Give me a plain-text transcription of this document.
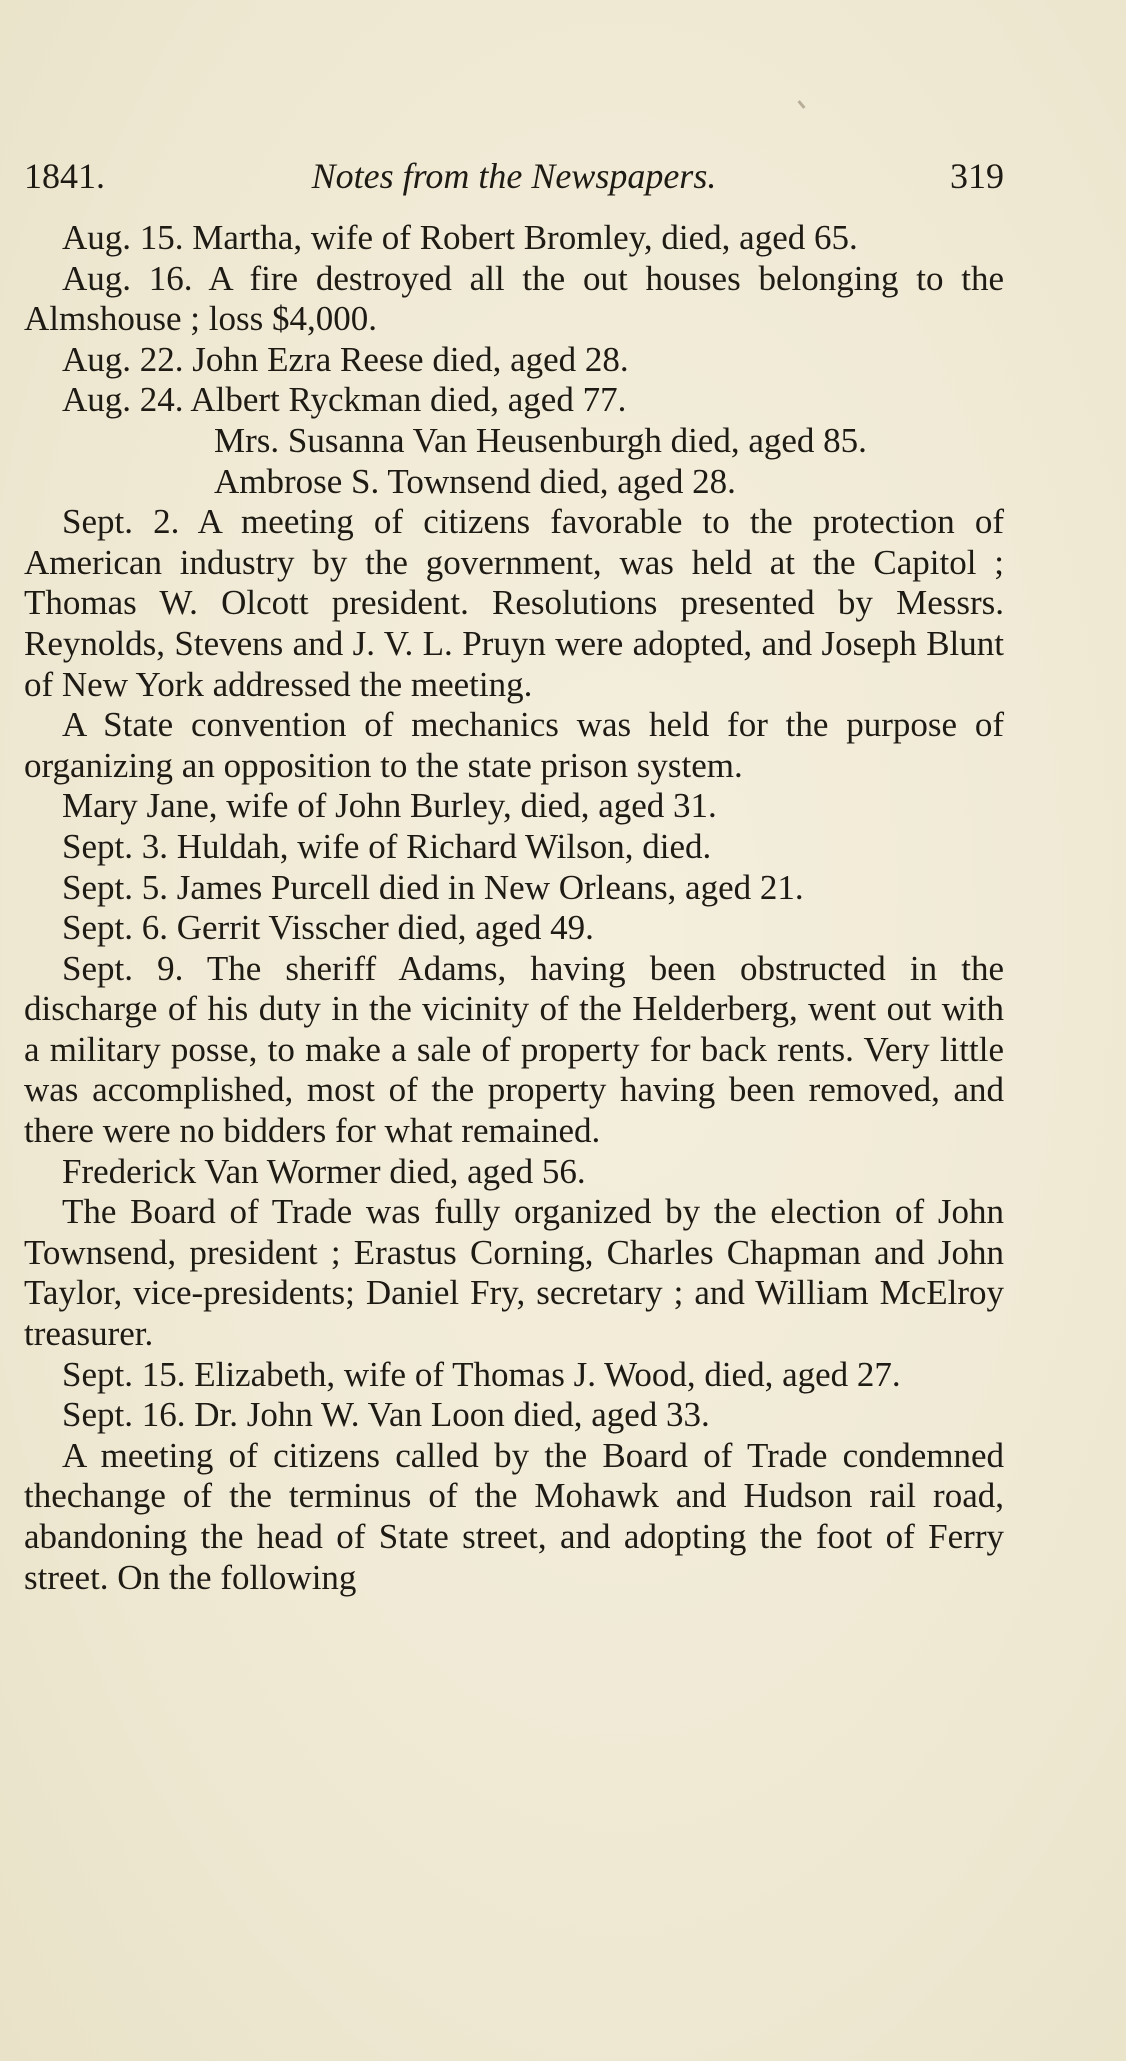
1841.	Notes from the Newspapers.	319

Aug. 15. Martha, wife of Robert Bromley, died, aged 65.

Aug. 16. A fire destroyed all the out houses belonging to the Almshouse ; loss $4,000.

Aug. 22. John Ezra Reese died, aged 28.

Aug. 24. Albert Ryckman died, aged 77.

Mrs. Susanna Van Heusenburgh died, aged 85.

Ambrose S. Townsend died, aged 28.

Sept. 2. A meeting of citizens favorable to the protection of American industry by the government, was held at the Capitol ; Thomas W. Olcott president. Resolutions presented by Messrs. Reynolds, Stevens and J. V. L. Pruyn were adopted, and Joseph Blunt of New York addressed the meeting.

A State convention of mechanics was held for the purpose of organizing an opposition to the state prison system.

Mary Jane, wife of John Burley, died, aged 31.

Sept. 3. Huldah, wife of Richard Wilson, died.

Sept. 5. James Purcell died in New Orleans, aged 21.

Sept. 6. Gerrit Visscher died, aged 49.

Sept. 9. The sheriff Adams, having been obstructed in the discharge of his duty in the vicinity of the Helderberg, went out with a military posse, to make a sale of property for back rents. Very little was accomplished, most of the property having been removed, and there were no bidders for what remained.

Frederick Van Wormer died, aged 56.

The Board of Trade was fully organized by the election of John Townsend, president ; Erastus Corning, Charles Chapman and John Taylor, vice-presidents; Daniel Fry, secretary ; and William McElroy treasurer.

Sept. 15. Elizabeth, wife of Thomas J. Wood, died, aged 27.

Sept. 16. Dr. John W. Van Loon died, aged 33.

A meeting of citizens called by the Board of Trade condemned thechange of the terminus of the Mohawk and Hudson rail road, abandoning the head of State street, and adopting the foot of Ferry street. On the following
